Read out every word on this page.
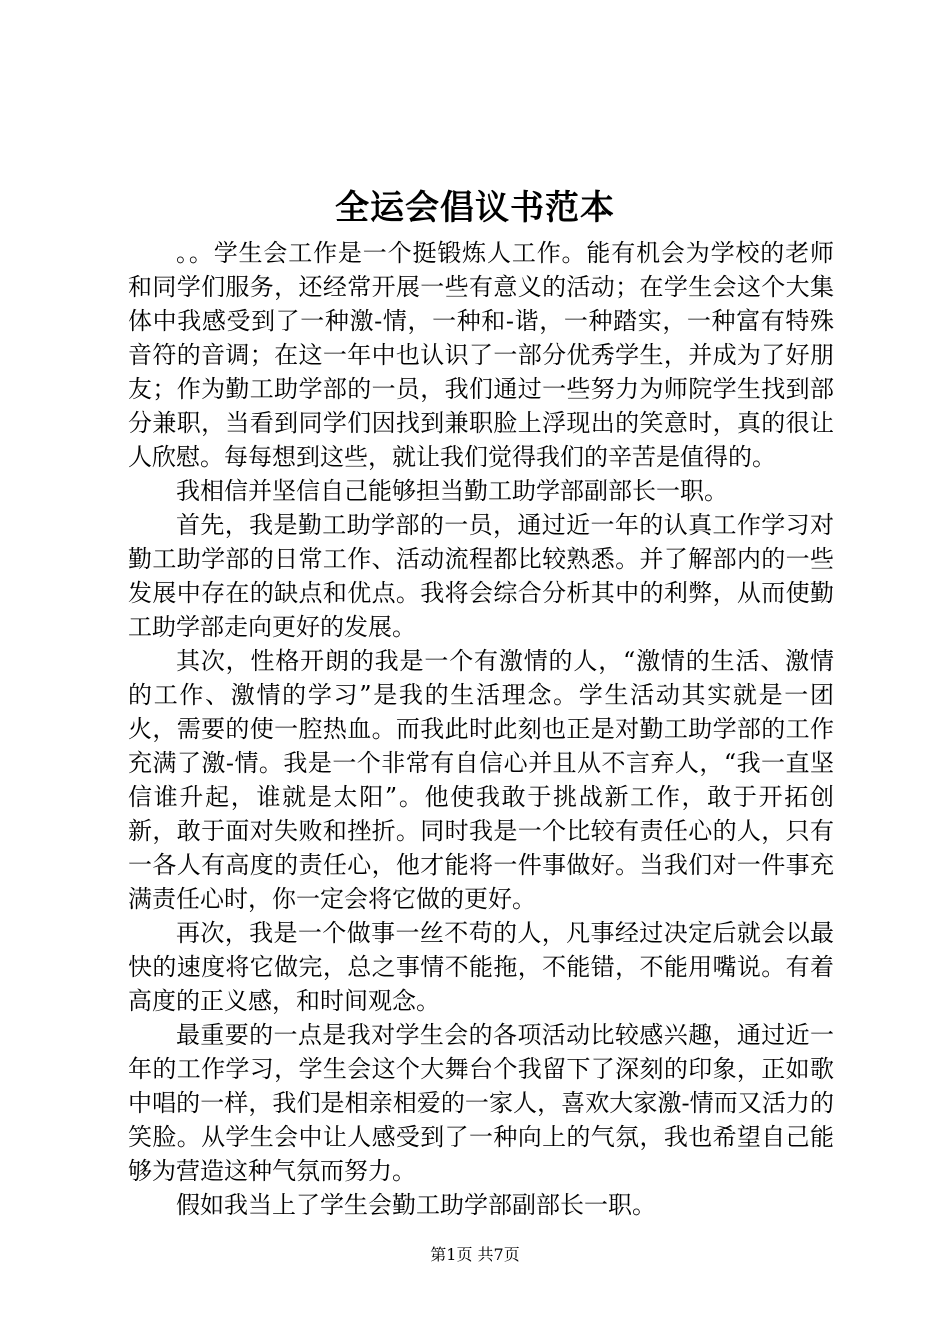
全运会倡议书范本

。。学生会工作是一个挺锻炼人工作。能有机会为学校的老师和同学们服务，还经常开展一些有意义的活动；在学生会这个大集体中我感受到了一种激-情，一种和-谐，一种踏实，一种富有特殊音符的音调；在这一年中也认识了一部分优秀学生，并成为了好朋友；作为勤工助学部的一员，我们通过一些努力为师院学生找到部分兼职，当看到同学们因找到兼职脸上浮现出的笑意时，真的很让人欣慰。每每想到这些，就让我们觉得我们的辛苦是值得的。

我相信并坚信自己能够担当勤工助学部副部长一职。

首先，我是勤工助学部的一员，通过近一年的认真工作学习对勤工助学部的日常工作、活动流程都比较熟悉。并了解部内的一些发展中存在的缺点和优点。我将会综合分析其中的利弊，从而使勤工助学部走向更好的发展。

其次，性格开朗的我是一个有激情的人，“激情的生活、激情的工作、激情的学习”是我的生活理念。学生活动其实就是一团火，需要的使一腔热血。而我此时此刻也正是对勤工助学部的工作充满了激-情。我是一个非常有自信心并且从不言弃人，“我一直坚信谁升起，谁就是太阳”。他使我敢于挑战新工作，敢于开拓创新，敢于面对失败和挫折。同时我是一个比较有责任心的人，只有一各人有高度的责任心，他才能将一件事做好。当我们对一件事充满责任心时，你一定会将它做的更好。

再次，我是一个做事一丝不苟的人，凡事经过决定后就会以最快的速度将它做完，总之事情不能拖，不能错，不能用嘴说。有着高度的正义感，和时间观念。

最重要的一点是我对学生会的各项活动比较感兴趣，通过近一年的工作学习，学生会这个大舞台个我留下了深刻的印象，正如歌中唱的一样，我们是相亲相爱的一家人，喜欢大家激-情而又活力的笑脸。从学生会中让人感受到了一种向上的气氛，我也希望自己能够为营造这种气氛而努力。

假如我当上了学生会勤工助学部副部长一职。

第1页 共7页
